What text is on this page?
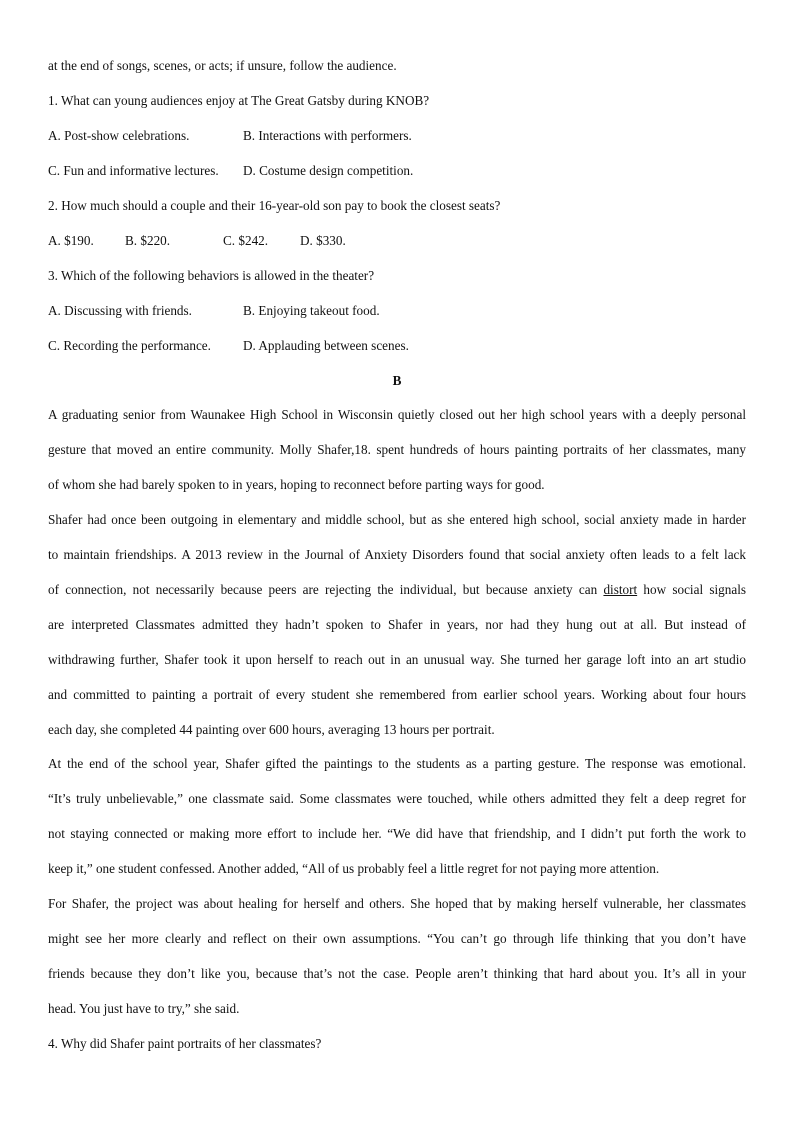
at the end of songs, scenes, or acts; if unsure, follow the audience.
1. What can young audiences enjoy at The Great Gatsby during KNOB?
A. Post-show celebrations.	B. Interactions with performers.
C. Fun and informative lectures. D. Costume design competition.
2. How much should a couple and their 16-year-old son pay to book the closest seats?
A. $190. B. $220.	C. $242. D. $330.
3. Which of the following behaviors is allowed in the theater?
A. Discussing with friends.	B. Enjoying takeout food.
C. Recording the performance. D. Applauding between scenes.
B
A graduating senior from Waunakee High School in Wisconsin quietly closed out her high school years with a deeply personal
gesture that moved an entire community. Molly Shafer,18. spent hundreds of hours painting portraits of her classmates, many
of whom she had barely spoken to in years, hoping to reconnect before parting ways for good.
Shafer had once been outgoing in elementary and middle school, but as she entered high school, social anxiety made in harder
to maintain friendships. A 2013 review in the Journal of Anxiety Disorders found that social anxiety often leads to a felt lack
of connection, not necessarily because peers are rejecting the individual, but because anxiety can distort how social signals
are interpreted Classmates admitted they hadn’t spoken to Shafer in years, nor had they hung out at all. But instead of
withdrawing further, Shafer took it upon herself to reach out in an unusual way. She turned her garage loft into an art studio
and committed to painting a portrait of every student she remembered from earlier school years. Working about four hours
each day, she completed 44 painting over 600 hours, averaging 13 hours per portrait.
At the end of the school year, Shafer gifted the paintings to the students as a parting gesture. The response was emotional.
“It’s truly unbelievable,” one classmate said. Some classmates were touched, while others admitted they felt a deep regret for
not staying connected or making more effort to include her. “We did have that friendship, and I didn’t put forth the work to
keep it,” one student confessed. Another added, “All of us probably feel a little regret for not paying more attention.
For Shafer, the project was about healing for herself and others. She hoped that by making herself vulnerable, her classmates
might see her more clearly and reflect on their own assumptions. “You can’t go through life thinking that you don’t have
friends because they don’t like you, because that’s not the case. People aren’t thinking that hard about you. It’s all in your
head. You just have to try,” she said.
4. Why did Shafer paint portraits of her classmates?
